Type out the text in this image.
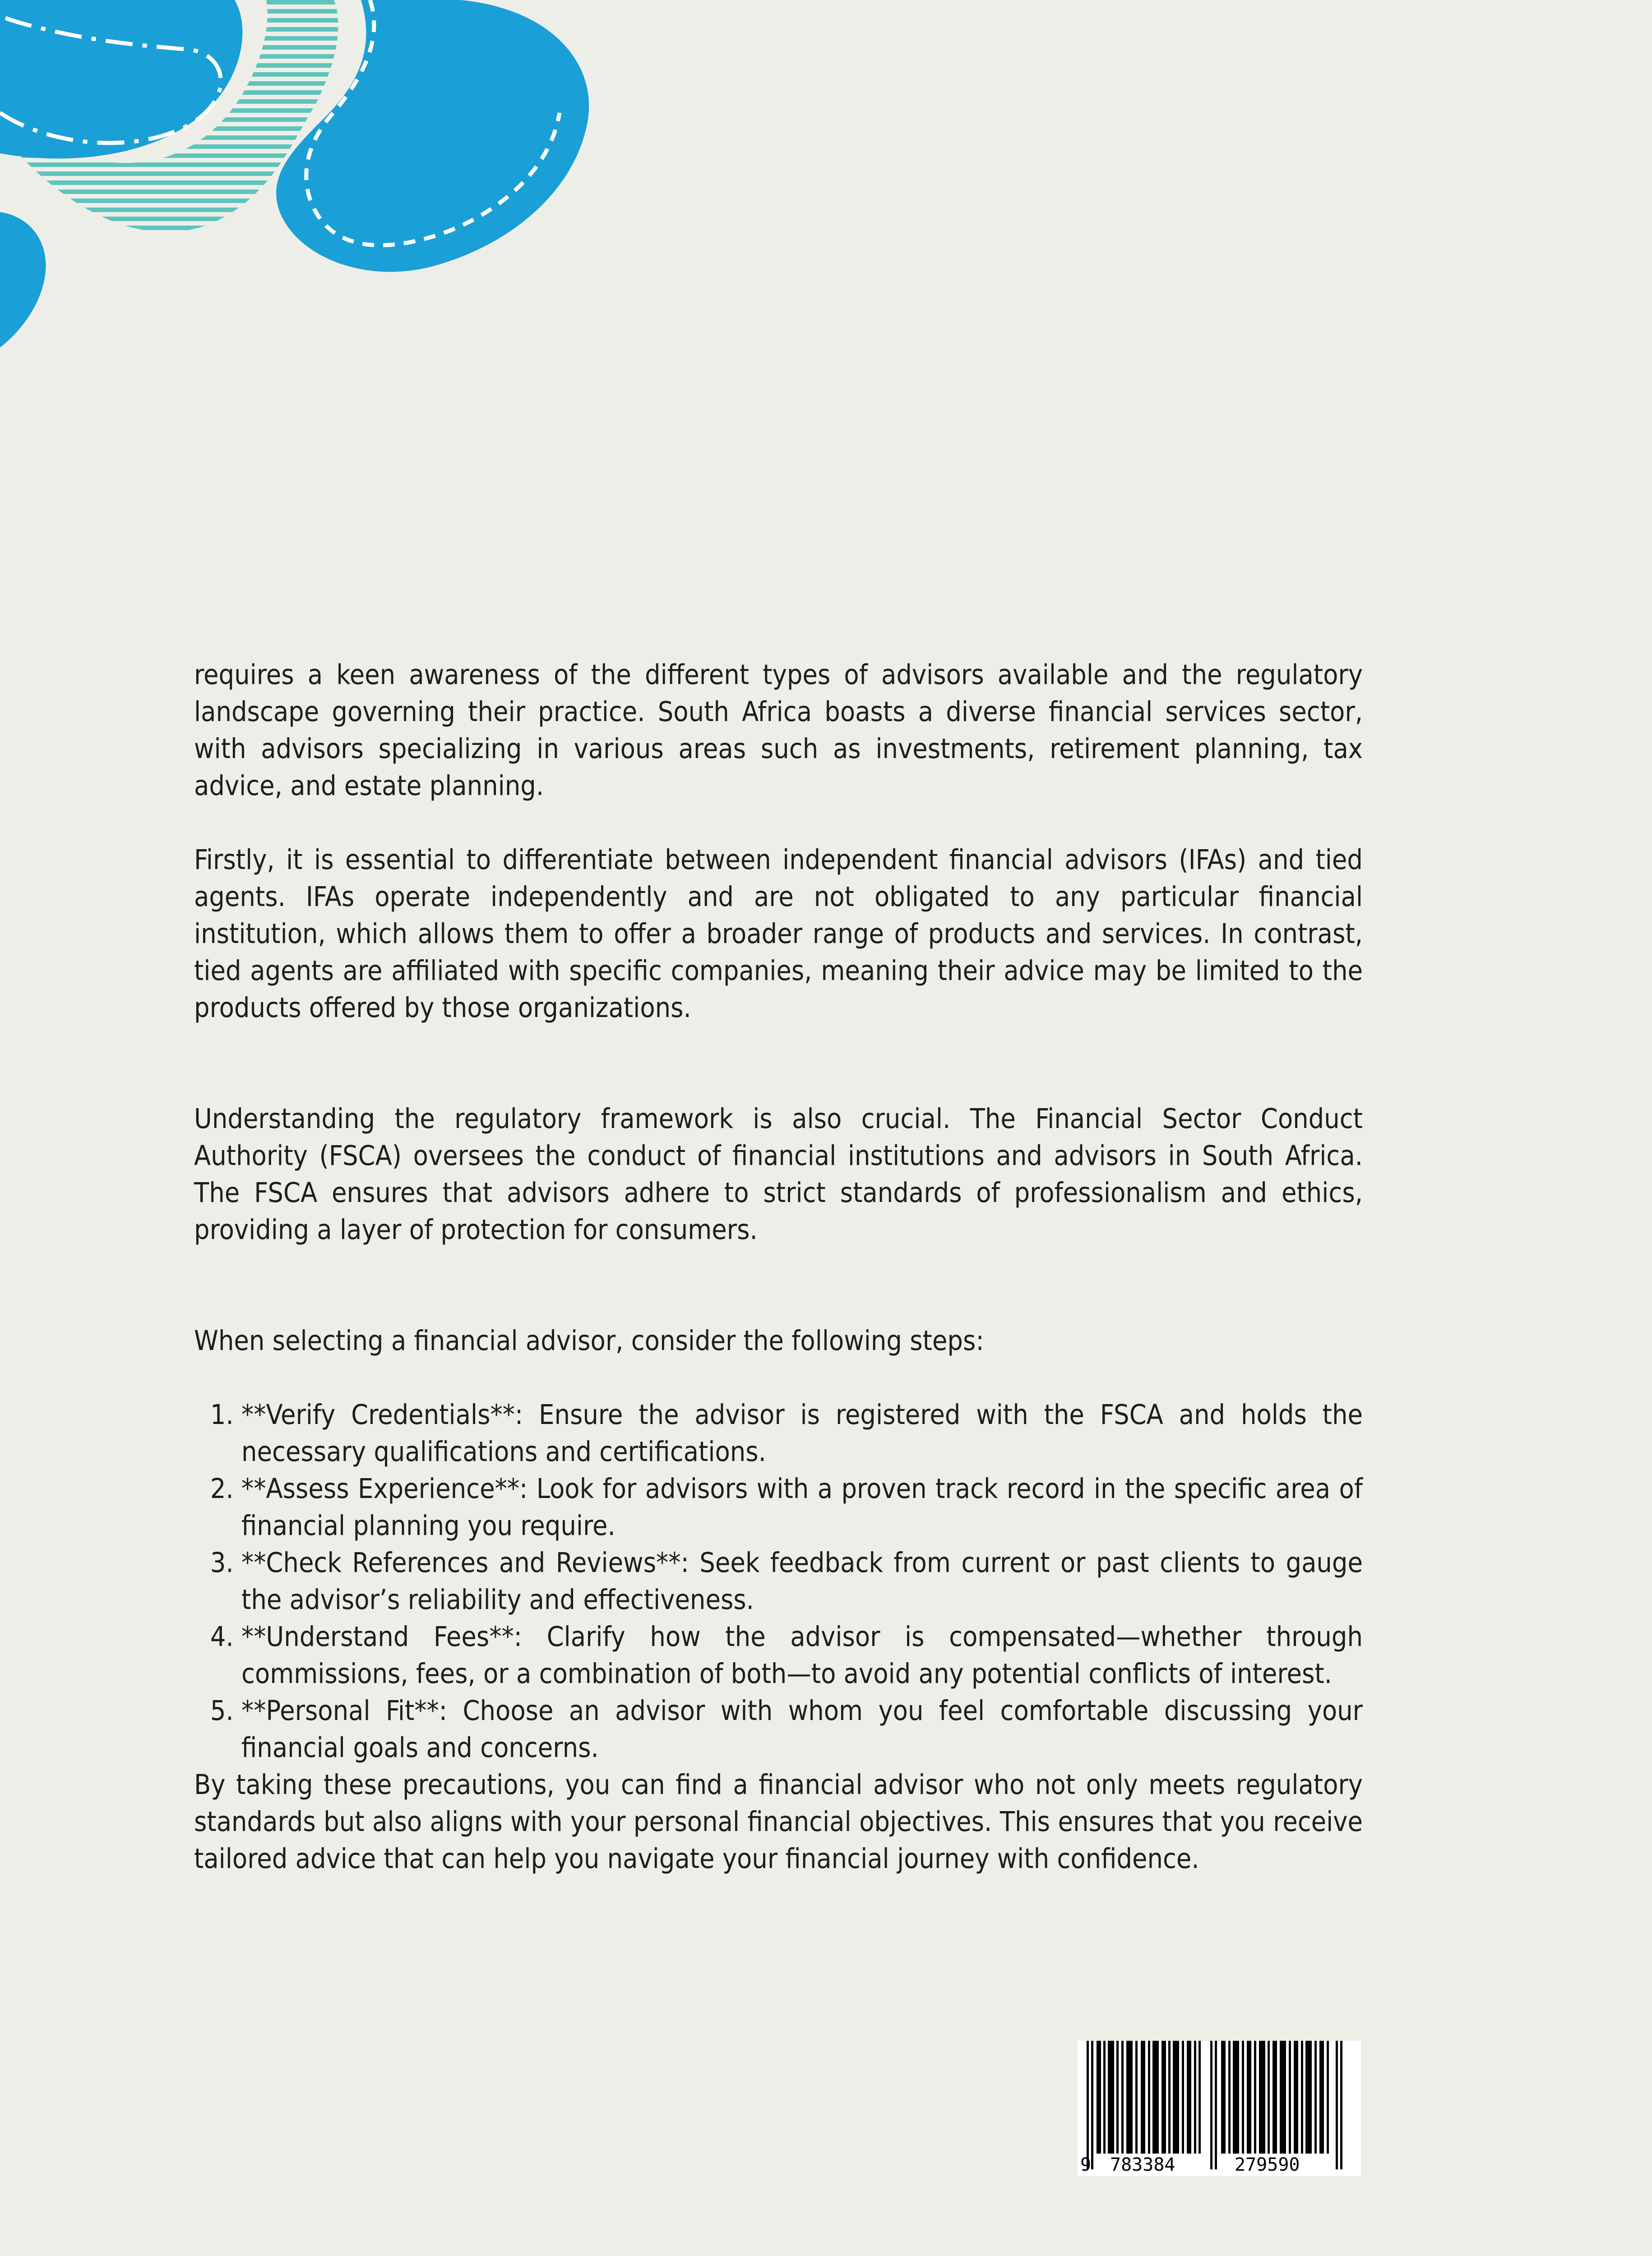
requires a keen awareness of the different types of advisors available and the regulatory landscape governing their practice. South Africa boasts a diverse financial services sector, with advisors specializing in various areas such as investments, retirement planning, tax advice, and estate planning.

Firstly, it is essential to differentiate between independent financial advisors (IFAs) and tied agents. IFAs operate independently and are not obligated to any particular financial institution, which allows them to offer a broader range of products and services. In contrast, tied agents are affiliated with specific companies, meaning their advice may be limited to the products offered by those organizations.

Understanding the regulatory framework is also crucial. The Financial Sector Conduct Authority (FSCA) oversees the conduct of financial institutions and advisors in South Africa. The FSCA ensures that advisors adhere to strict standards of professionalism and ethics, providing a layer of protection for consumers.

When selecting a financial advisor, consider the following steps:

1. **Verify Credentials**: Ensure the advisor is registered with the FSCA and holds the necessary qualifications and certifications.
2. **Assess Experience**: Look for advisors with a proven track record in the specific area of financial planning you require.
3. **Check References and Reviews**: Seek feedback from current or past clients to gauge the advisor’s reliability and effectiveness.
4. **Understand Fees**: Clarify how the advisor is compensated—whether through commissions, fees, or a combination of both—to avoid any potential conflicts of interest.
5. **Personal Fit**: Choose an advisor with whom you feel comfortable discussing your financial goals and concerns.

By taking these precautions, you can find a financial advisor who not only meets regulatory standards but also aligns with your personal financial objectives. This ensures that you receive tailored advice that can help you navigate your financial journey with confidence.

9 783384	279590
